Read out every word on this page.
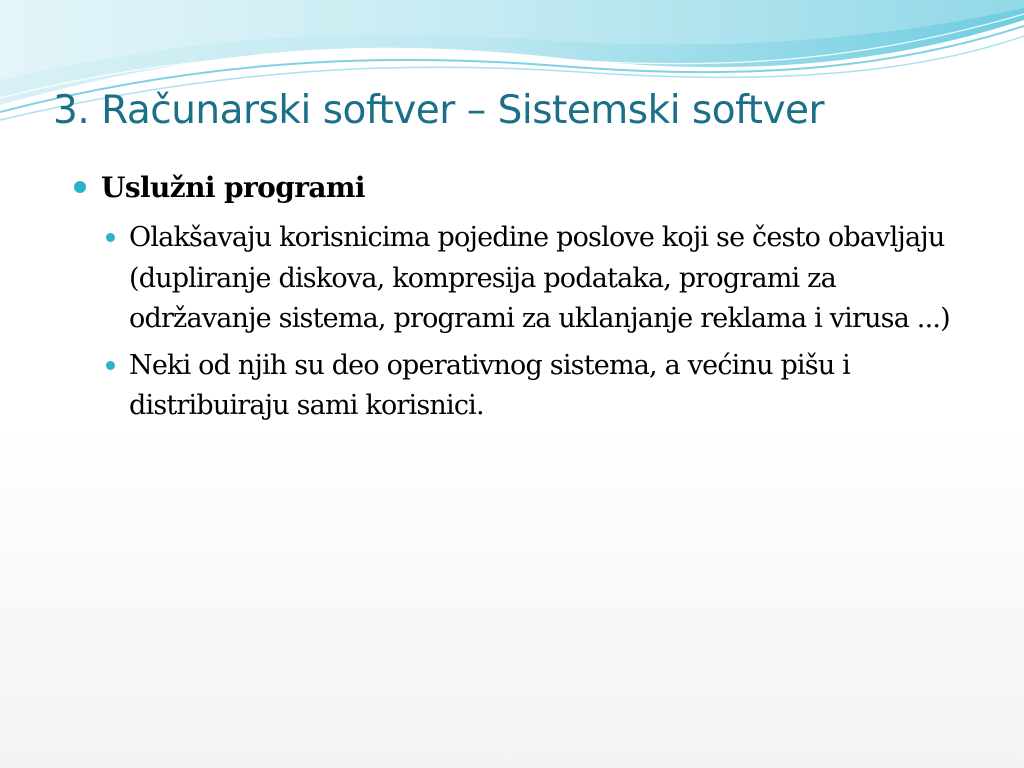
3. Računarski softver – Sistemski softver
Uslužni programi
Olakšavaju korisnicima pojedine poslove koji se često obavljaju (dupliranje diskova, kompresija podataka, programi za održavanje sistema, programi za uklanjanje reklama i virusa ...)
Neki od njih su deo operativnog sistema, a većinu pišu i distribuiraju sami korisnici.
